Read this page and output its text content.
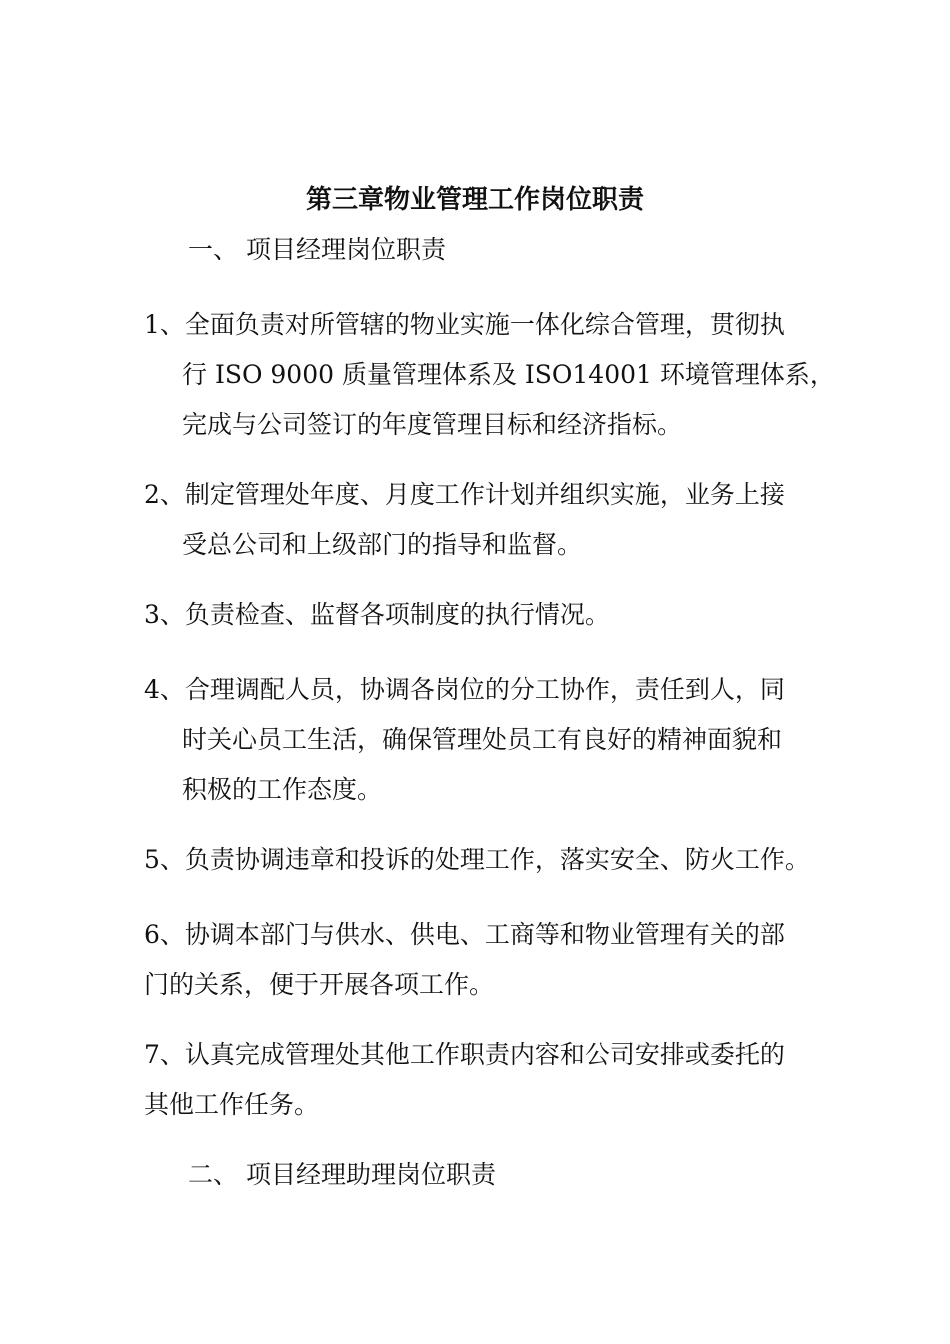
第三章物业管理工作岗位职责
一、 项目经理岗位职责
1、全面负责对所管辖的物业实施一体化综合管理，贯彻执
行 ISO 9000 质量管理体系及 ISO14001 环境管理体系，
完成与公司签订的年度管理目标和经济指标。
2、制定管理处年度、月度工作计划并组织实施，业务上接
受总公司和上级部门的指导和监督。
3、负责检查、监督各项制度的执行情况。
4、合理调配人员，协调各岗位的分工协作，责任到人，同
时关心员工生活，确保管理处员工有良好的精神面貌和
积极的工作态度。
5、负责协调违章和投诉的处理工作，落实安全、防火工作。
6、协调本部门与供水、供电、工商等和物业管理有关的部
门的关系，便于开展各项工作。
7、认真完成管理处其他工作职责内容和公司安排或委托的
其他工作任务。
二、 项目经理助理岗位职责
